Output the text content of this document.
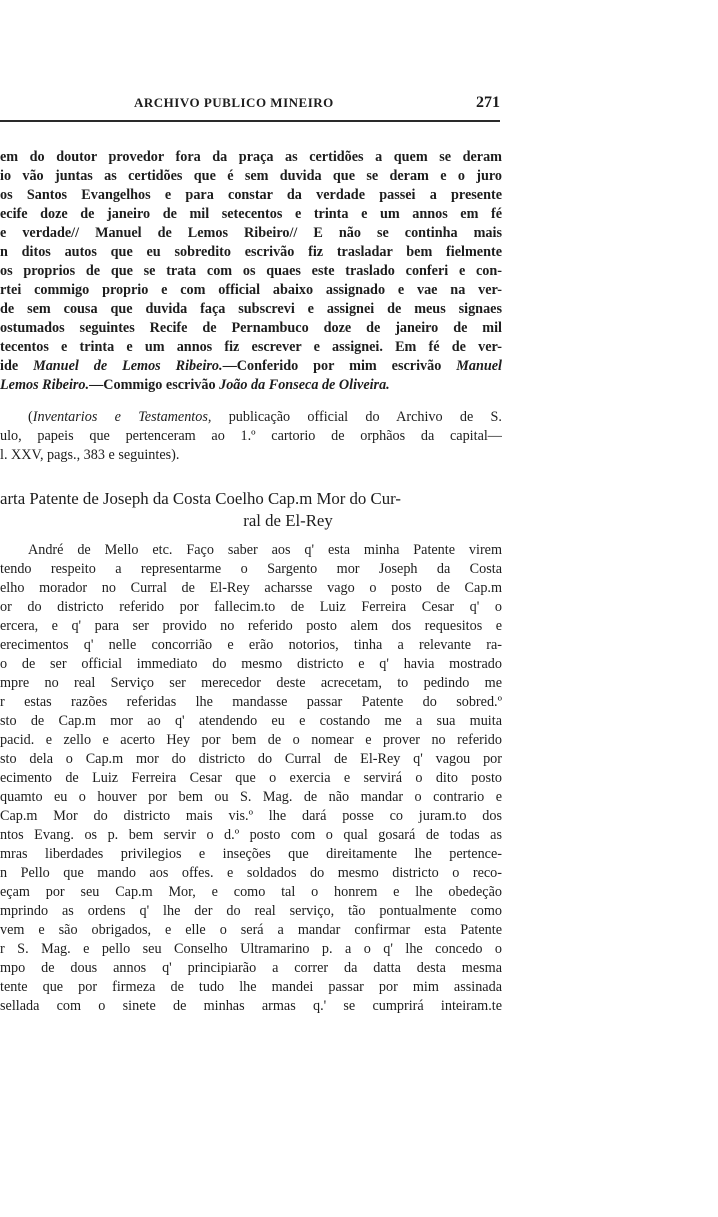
ARCHIVO PUBLICO MINEIRO	271
em do doutor provedor fora da praça as certidões a quem se deram
io vão juntas as certidões que é sem duvida que se deram e o juro
os Santos Evangelhos e para constar da verdade passei a presente
ecife doze de janeiro de mil setecentos e trinta e um annos em fé
e verdade// Manuel de Lemos Ribeiro// E não se continha mais
n ditos autos que eu sobredito escrivão fiz trasladar bem fielmente
os proprios de que se trata com os quaes este traslado conferi e con-
rtei commigo proprio e com official abaixo assignado e vae na ver-
de sem cousa que duvida faça subscrevi e assignei de meus signaes
ostumados seguintes Recife de Pernambuco doze de janeiro de mil
tecentos e trinta e um annos fiz escrever e assignei. Em fé de ver-
ide Manuel de Lemos Ribeiro.—Conferido por mim escrivão Manuel
Lemos Ribeiro.—Commigo escrivão João da Fonseca de Oliveira.
(Inventarios e Testamentos, publicação official do Archivo de S.
ulo, papeis que pertenceram ao 1.º cartorio de orphãos da capital—
l. XXV, pags., 383 e seguintes).
arta Patente de Joseph da Costa Coelho Cap.m Mor do Cur-
ral de El-Rey
André de Mello etc. Faço saber aos q' esta minha Patente virem
tendo respeito a representarme o Sargento mor Joseph da Costa
elho morador no Curral de El-Rey acharsse vago o posto de Cap.m
or do districto referido por fallecim.to de Luiz Ferreira Cesar q' o
ercera, e q' para ser provido no referido posto alem dos requesitos e
erecimentos q' nelle concorrião e erão notorios, tinha a relevante ra-
o de ser official immediato do mesmo districto e q' havia mostrado
mpre no real Serviço ser merecedor deste acrecetam, to pedindo me
r estas razões referidas lhe mandasse passar Patente do sobred.º
sto de Cap.m mor ao q' atendendo eu e costando me a sua muita
pacid. e zello e acerto Hey por bem de o nomear e prover no referido
sto dela o Cap.m mor do districto do Curral de El-Rey q' vagou por
ecimento de Luiz Ferreira Cesar que o exercia e servirá o dito posto
quamto eu o houver por bem ou S. Mag. de não mandar o contrario e
Cap.m Mor do districto mais vis.º lhe dará posse co juram.to dos
ntos Evang. os p. bem servir o d.º posto com o qual gosará de todas as
mras liberdades privilegios e inseções que direitamente lhe pertence-
n Pello que mando aos offes. e soldados do mesmo districto o reco-
eçam por seu Cap.m Mor, e como tal o honrem e lhe obedeção
mprindo as ordens q' lhe der do real serviço, tão pontualmente como
vem e são obrigados, e elle o será a mandar confirmar esta Patente
r S. Mag. e pello seu Conselho Ultramarino p. a o q' lhe concedo o
mpo de dous annos q' principiarão a correr da datta desta mesma
tente que por firmeza de tudo lhe mandei passar por mim assinada
sellada com o sinete de minhas armas q.' se cumprirá inteiram.te
